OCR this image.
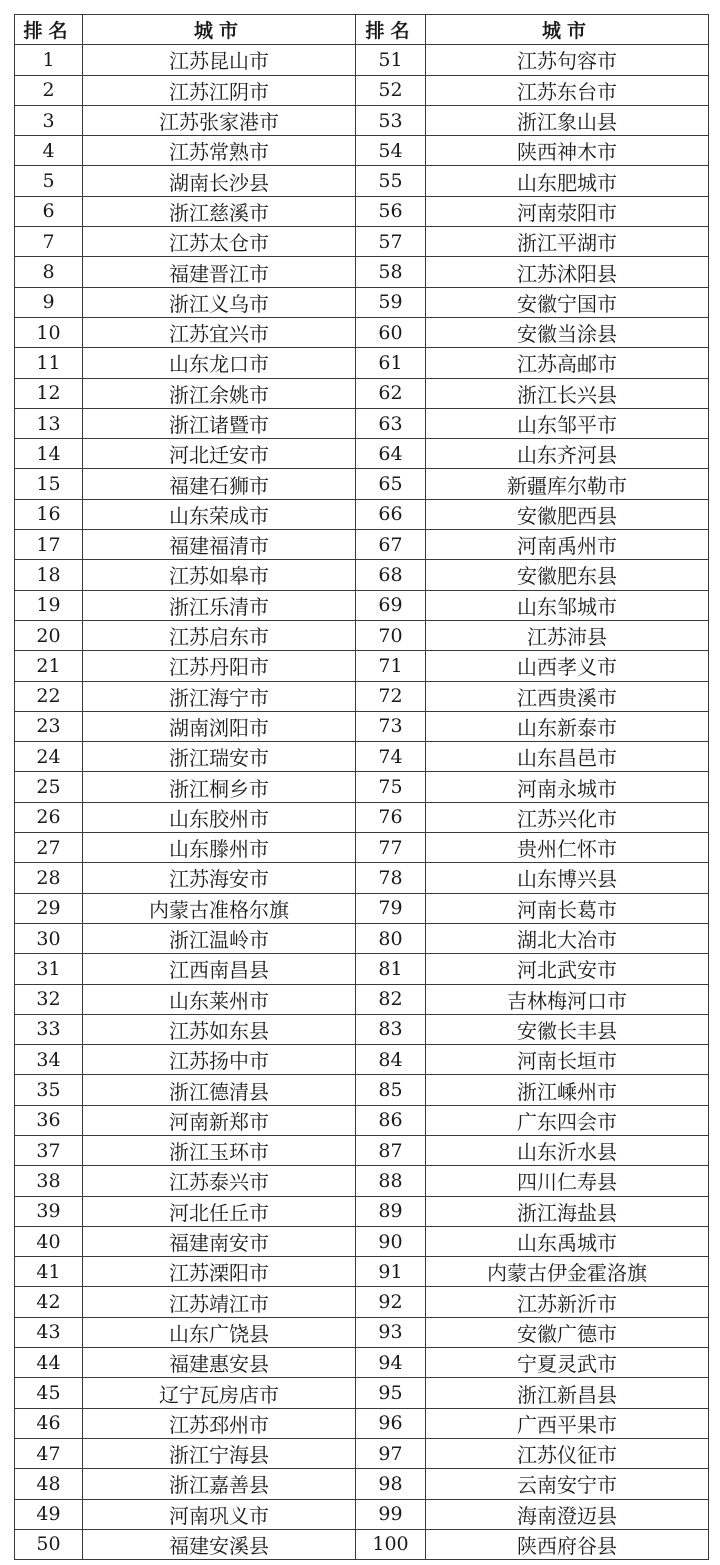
排名	城市	排名	城市
1	江苏昆山市	51	江苏句容市
2	江苏江阴市	52	江苏东台市
3	江苏张家港市	53	浙江象山县
4	江苏常熟市	54	陕西神木市
5	湖南长沙县	55	山东肥城市
6	浙江慈溪市	56	河南荥阳市
7	江苏太仓市	57	浙江平湖市
8	福建晋江市	58	江苏沭阳县
9	浙江义乌市	59	安徽宁国市
10	江苏宜兴市	60	安徽当涂县
11	山东龙口市	61	江苏高邮市
12	浙江余姚市	62	浙江长兴县
13	浙江诸暨市	63	山东邹平市
14	河北迁安市	64	山东齐河县
15	福建石狮市	65	新疆库尔勒市
16	山东荣成市	66	安徽肥西县
17	福建福清市	67	河南禹州市
18	江苏如皋市	68	安徽肥东县
19	浙江乐清市	69	山东邹城市
20	江苏启东市	70	江苏沛县
21	江苏丹阳市	71	山西孝义市
22	浙江海宁市	72	江西贵溪市
23	湖南浏阳市	73	山东新泰市
24	浙江瑞安市	74	山东昌邑市
25	浙江桐乡市	75	河南永城市
26	山东胶州市	76	江苏兴化市
27	山东滕州市	77	贵州仁怀市
28	江苏海安市	78	山东博兴县
29	内蒙古准格尔旗	79	河南长葛市
30	浙江温岭市	80	湖北大冶市
31	江西南昌县	81	河北武安市
32	山东莱州市	82	吉林梅河口市
33	江苏如东县	83	安徽长丰县
34	江苏扬中市	84	河南长垣市
35	浙江德清县	85	浙江嵊州市
36	河南新郑市	86	广东四会市
37	浙江玉环市	87	山东沂水县
38	江苏泰兴市	88	四川仁寿县
39	河北任丘市	89	浙江海盐县
40	福建南安市	90	山东禹城市
41	江苏溧阳市	91	内蒙古伊金霍洛旗
42	江苏靖江市	92	江苏新沂市
43	山东广饶县	93	安徽广德市
44	福建惠安县	94	宁夏灵武市
45	辽宁瓦房店市	95	浙江新昌县
46	江苏邳州市	96	广西平果市
47	浙江宁海县	97	江苏仪征市
48	浙江嘉善县	98	云南安宁市
49	河南巩义市	99	海南澄迈县
50	福建安溪县	100	陕西府谷县
